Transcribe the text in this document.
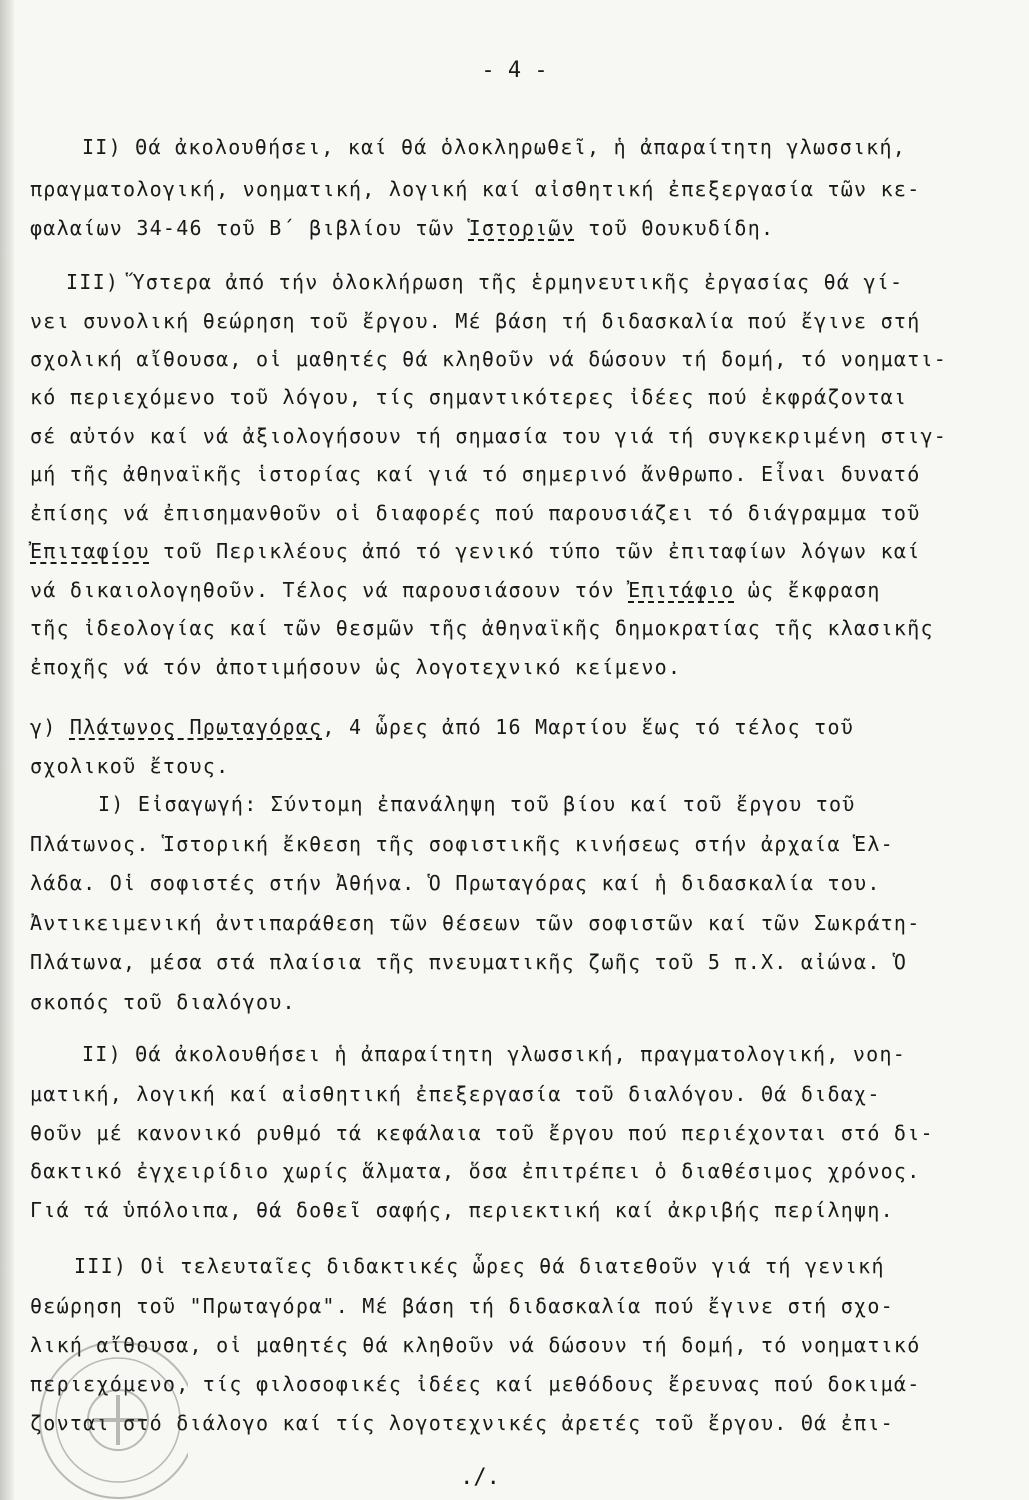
- 4 -
II) Θά ἀκολουθήσει, καί θά ὁλοκληρωθεῖ, ἡ ἀπαραίτητη γλωσσική,
πραγματολογική, νοηματική, λογική καί αἰσθητική ἐπεξεργασία τῶν κε-
φαλαίων 34-46 τοῦ Β΄ βιβλίου τῶν Ἱστοριῶν τοῦ Θουκυδίδη.
III) Ὕστερα ἀπό τήν ὁλοκλήρωση τῆς ἑρμηνευτικῆς ἐργασίας θά γί-
νει συνολική θεώρηση τοῦ ἔργου. Μέ βάση τή διδασκαλία πού ἔγινε στή
σχολική αἴθουσα, οἱ μαθητές θά κληθοῦν νά δώσουν τή δομή, τό νοηματι-
κό περιεχόμενο τοῦ λόγου, τίς σημαντικότερες ἰδέες πού ἐκφράζονται
σέ αὐτόν καί νά ἀξιολογήσουν τή σημασία του γιά τή συγκεκριμένη στιγ-
μή τῆς ἀθηναϊκῆς ἱστορίας καί γιά τό σημερινό ἄνθρωπο. Εἶναι δυνατό
ἐπίσης νά ἐπισημανθοῦν οἱ διαφορές πού παρουσιάζει τό διάγραμμα τοῦ
Ἐπιταφίου τοῦ Περικλέους ἀπό τό γενικό τύπο τῶν ἐπιταφίων λόγων καί
νά δικαιολογηθοῦν. Τέλος νά παρουσιάσουν τόν Ἐπιτάφιο ὡς ἔκφραση
τῆς ἰδεολογίας καί τῶν θεσμῶν τῆς ἀθηναϊκῆς δημοκρατίας τῆς κλασικῆς
ἐποχῆς νά τόν ἀποτιμήσουν ὡς λογοτεχνικό κείμενο.
γ) Πλάτωνος Πρωταγόρας, 4 ὧρες ἀπό 16 Μαρτίου ἕως τό τέλος τοῦ
σχολικοῦ ἔτους.
I) Εἰσαγωγή: Σύντομη ἐπανάληψη τοῦ βίου καί τοῦ ἔργου τοῦ
Πλάτωνος. Ἱστορική ἔκθεση τῆς σοφιστικῆς κινήσεως στήν ἀρχαία Ἑλ-
λάδα. Οἱ σοφιστές στήν Ἀθήνα. Ὁ Πρωταγόρας καί ἡ διδασκαλία του.
Ἀντικειμενική ἀντιπαράθεση τῶν θέσεων τῶν σοφιστῶν καί τῶν Σωκράτη-
Πλάτωνα, μέσα στά πλαίσια τῆς πνευματικῆς ζωῆς τοῦ 5 π.Χ. αἰώνα. Ὁ
σκοπός τοῦ διαλόγου.
II) Θά ἀκολουθήσει ἡ ἀπαραίτητη γλωσσική, πραγματολογική, νοη-
ματική, λογική καί αἰσθητική ἐπεξεργασία τοῦ διαλόγου. Θά διδαχ-
θοῦν μέ κανονικό ρυθμό τά κεφάλαια τοῦ ἔργου πού περιέχονται στό δι-
δακτικό ἐγχειρίδιο χωρίς ἅλματα, ὅσα ἐπιτρέπει ὁ διαθέσιμος χρόνος.
Γιά τά ὑπόλοιπα, θά δοθεῖ σαφής, περιεκτική καί ἀκριβής περίληψη.
III) Οἱ τελευταῖες διδακτικές ὧρες θά διατεθοῦν γιά τή γενική
θεώρηση τοῦ "Πρωταγόρα". Μέ βάση τή διδασκαλία πού ἔγινε στή σχο-
λική αἴθουσα, οἱ μαθητές θά κληθοῦν νά δώσουν τή δομή, τό νοηματικό
περιεχόμενο, τίς φιλοσοφικές ἰδέες καί μεθόδους ἔρευνας πού δοκιμά-
ζονται στό διάλογο καί τίς λογοτεχνικές ἀρετές τοῦ ἔργου. Θά ἐπι-
./.
